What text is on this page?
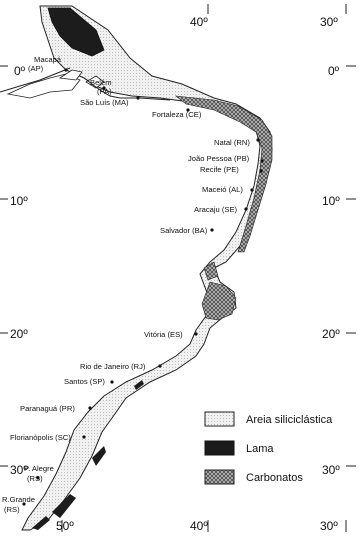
40º	30º
0º	0º
10º	10º
20º	20º
30º	30º
50º	40º	30º
Macapá
(AP)
Belém
(PA)
São Luís (MA)
Fortaleza (CE)
Natal (RN)
João Pessoa (PB)
Recife (PE)
Maceió (AL)
Aracaju (SE)
Salvador (BA)
Vitória (ES)
Rio de Janeiro (RJ)
Santos (SP)
Paranaguá (PR)
Florianópolis (SC)
P. Alegre
(RS)
R.Grande
(RS)
Areia siliciclástica
Lama
Carbonatos
